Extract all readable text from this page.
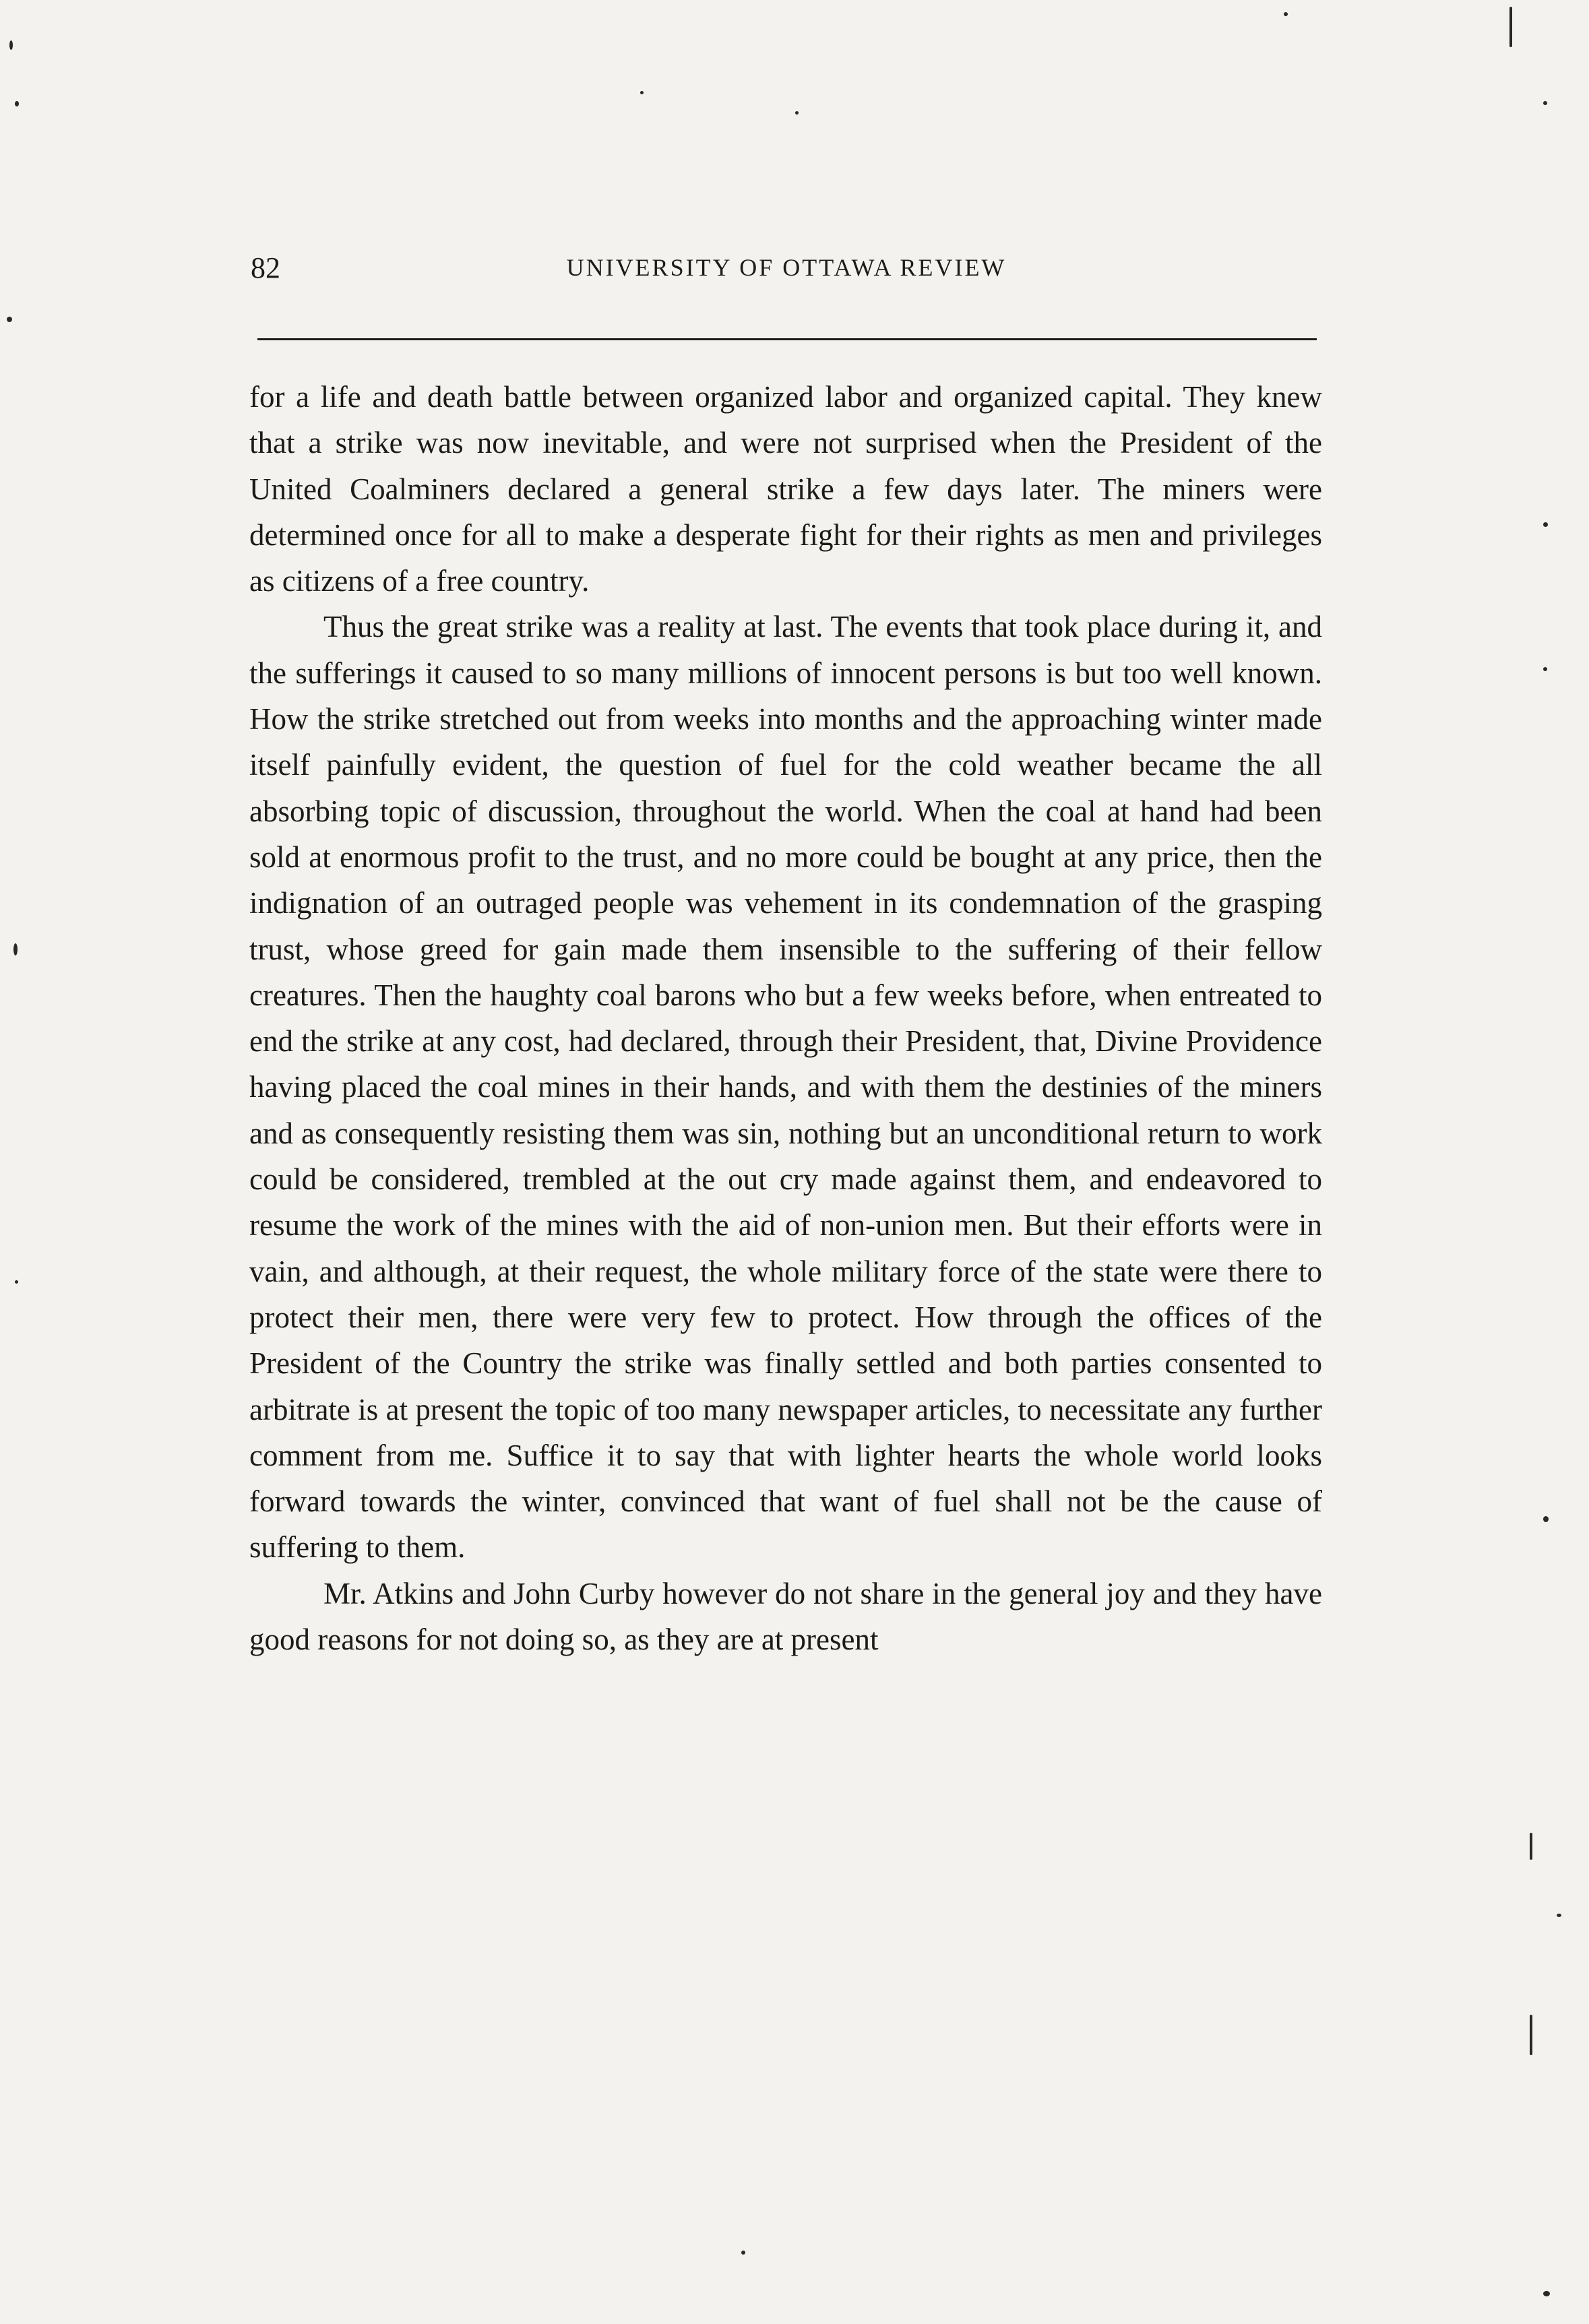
82	UNIVERSITY OF OTTAWA REVIEW

for a life and death battle between organized labor and organized capital. They knew that a strike was now inevitable, and were not surprised when the President of the United Coalminers declared a general strike a few days later. The miners were determined once for all to make a desperate fight for their rights as men and privileges as citizens of a free country.

Thus the great strike was a reality at last. The events that took place during it, and the sufferings it caused to so many millions of innocent persons is but too well known. How the strike stretched out from weeks into months and the approaching winter made itself painfully evident, the question of fuel for the cold weather became the all absorbing topic of discussion, throughout the world. When the coal at hand had been sold at enormous profit to the trust, and no more could be bought at any price, then the indignation of an outraged people was vehement in its condemnation of the grasping trust, whose greed for gain made them insensible to the suffering of their fellow creatures. Then the haughty coal barons who but a few weeks before, when entreated to end the strike at any cost, had declared, through their President, that, Divine Providence having placed the coal mines in their hands, and with them the destinies of the miners and as consequently resisting them was sin, nothing but an unconditional return to work could be considered, trembled at the out cry made against them, and endeavored to resume the work of the mines with the aid of non-union men. But their efforts were in vain, and although, at their request, the whole military force of the state were there to protect their men, there were very few to protect. How through the offices of the President of the Country the strike was finally settled and both parties consented to arbitrate is at present the topic of too many newspaper articles, to necessitate any further comment from me. Suffice it to say that with lighter hearts the whole world looks forward towards the winter, convinced that want of fuel shall not be the cause of suffering to them.

Mr. Atkins and John Curby however do not share in the general joy and they have good reasons for not doing so, as they are at present
